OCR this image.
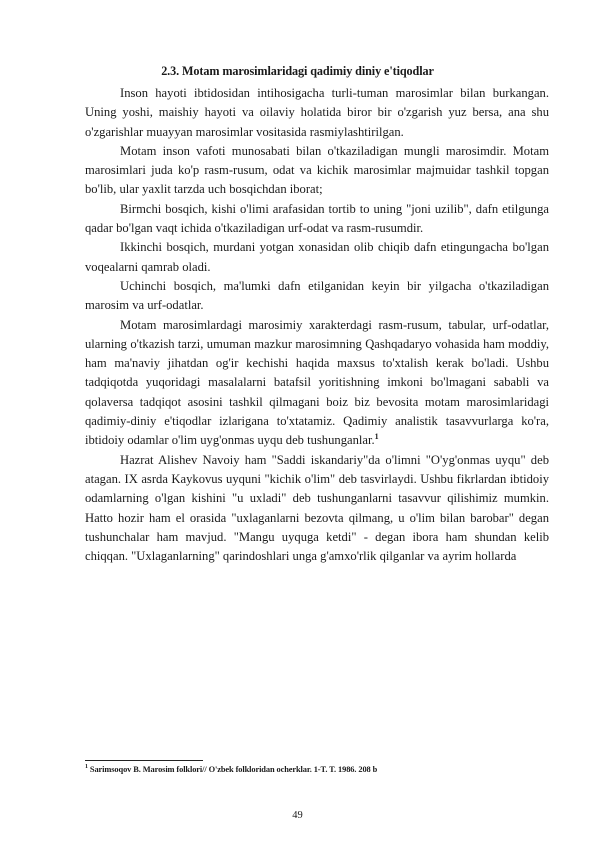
2.3. Motam marosimlaridagi qadimiy diniy e'tiqodlar

Inson hayoti ibtidosidan intihosigacha turli-tuman marosimlar bilan burkangan. Uning yoshi, maishiy hayoti va oilaviy holatida biror bir o'zgarish yuz bersa, ana shu o'zgarishlar muayyan marosimlar vositasida rasmiylashtirilgan.

Motam inson vafoti munosabati bilan o'tkaziladigan mungli marosimdir. Motam marosimlari juda ko'p rasm-rusum, odat va kichik marosimlar majmuidar tashkil topgan bo'lib, ular yaxlit tarzda uch bosqichdan iborat;

Birmchi bosqich, kishi o'limi arafasidan tortib to uning "joni uzilib", dafn etilgunga qadar bo'lgan vaqt ichida o'tkaziladigan urf-odat va rasm-rusumdir.

Ikkinchi bosqich, murdani yotgan xonasidan olib chiqib dafn etingungacha bo'lgan voqealarni qamrab oladi.

Uchinchi bosqich, ma'lumki dafn etilganidan keyin bir yilgacha o'tkaziladigan marosim va urf-odatlar.

Motam marosimlardagi marosimiy xarakterdagi rasm-rusum, tabular, urf-odatlar, ularning o'tkazish tarzi, umuman mazkur marosimning Qashqadaryo vohasida ham moddiy, ham ma'naviy jihatdan og'ir kechishi haqida maxsus to'xtalish kerak bo'ladi. Ushbu tadqiqotda yuqoridagi masalalarni batafsil yoritishning imkoni bo'lmagani sababli va qolaversa tadqiqot asosini tashkil qilmagani boiz biz bevosita motam marosimlaridagi qadimiy-diniy e'tiqodlar izlarigana to'xtatamiz. Qadimiy analistik tasavvurlarga ko'ra, ibtidoiy odamlar o'lim uyg'onmas uyqu deb tushunganlar.$^1$

Hazrat Alishev Navoiy ham "Saddi iskandariy"da o'limni "O'yg'onmas uyqu" deb atagan. IX asrda Kaykovus uyquni "kichik o'lim" deb tasvirlaydi. Ushbu fikrlardan ibtidoiy odamlarning o'lgan kishini "u uxladi" deb tushunganlarni tasavvur qilishimiz mumkin. Hatto hozir ham el orasida "uxlaganlarni bezovta qilmang, u o'lim bilan barobar" degan tushunchalar ham mavjud. "Mangu uyquga ketdi" - degan ibora ham shundan kelib chiqqan. "Uxlaganlarning" qarindoshlari unga g'amxo'rlik qilganlar va ayrim hollarda

$^1$ Sarimsoqov B. Marosim folklori// O'zbek folkloridan ocherklar. 1-T. T. 1986. 208 b
49
